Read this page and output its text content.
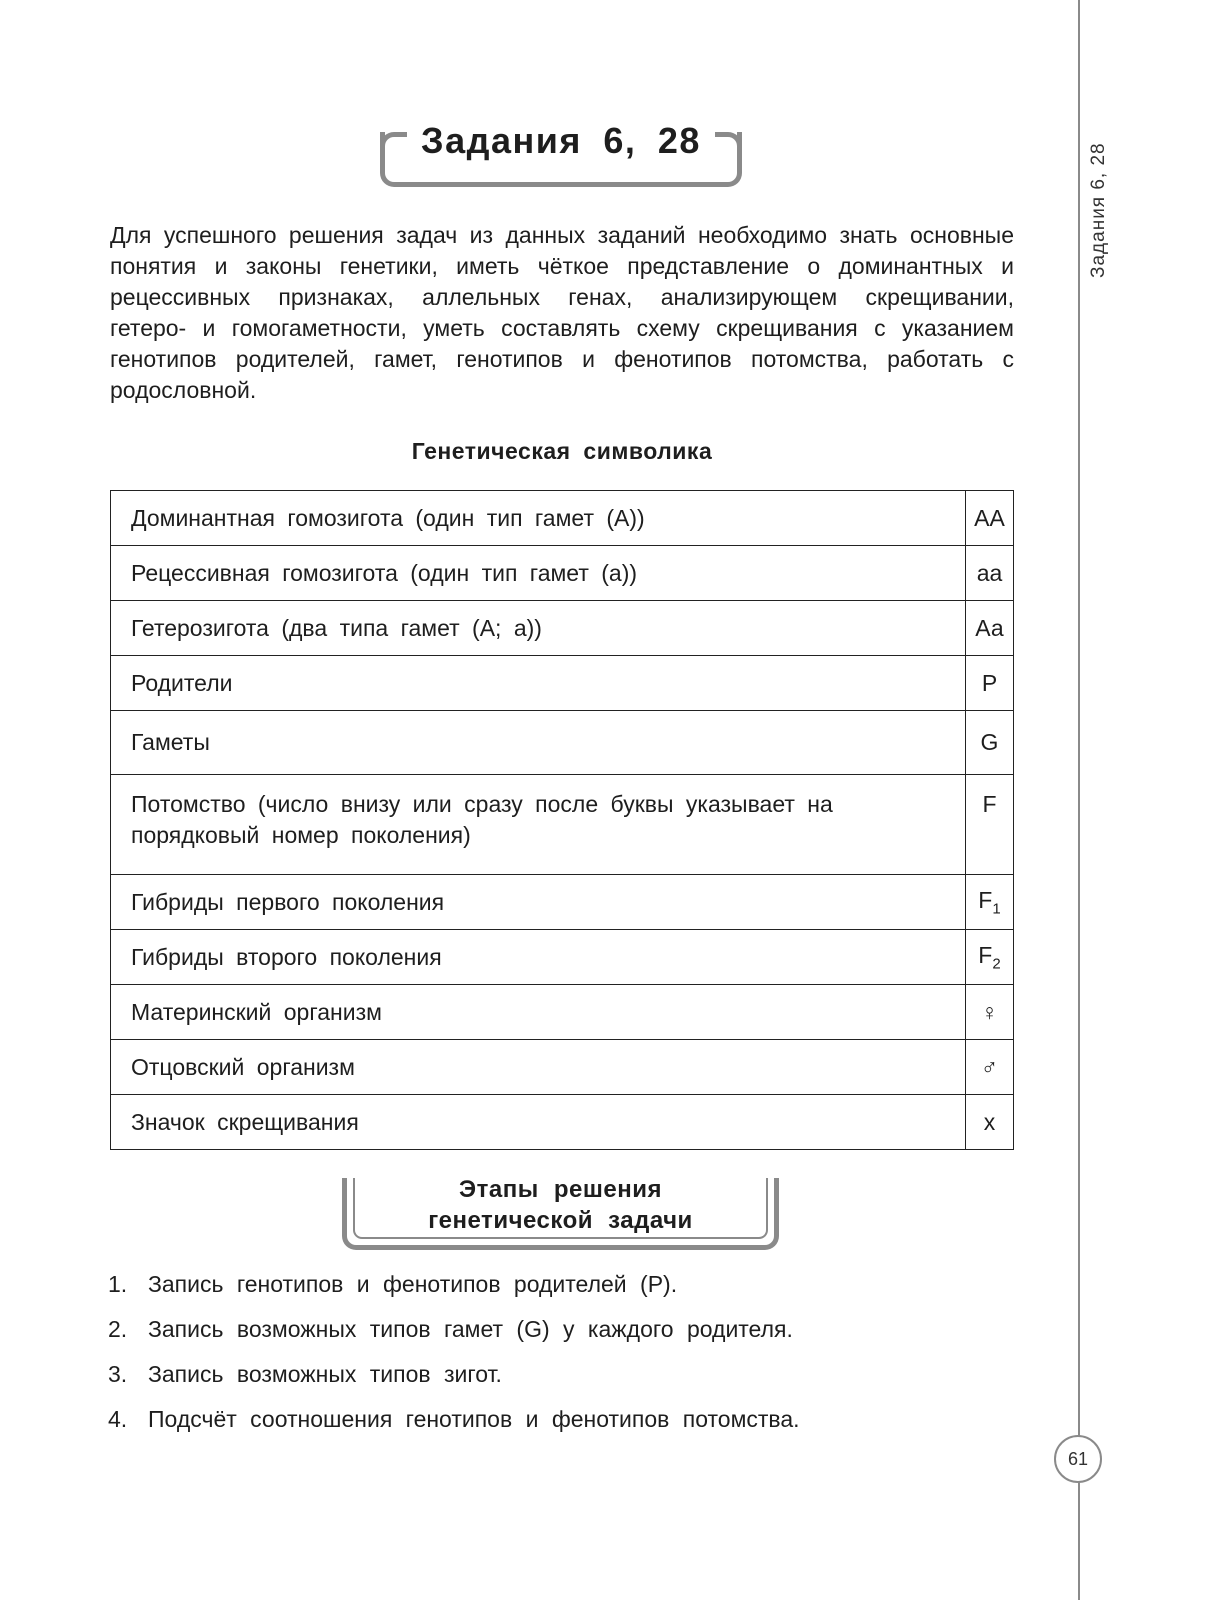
Задания 6, 28
61
Задания 6, 28

Для успешного решения задач из данных заданий необходимо знать основные понятия и законы генетики, иметь чёткое представление о доминантных и рецессивных признаках, аллельных генах, анализирующем скрещивании, гетеро- и гомогаметности, уметь составлять схему скрещивания с указанием генотипов родителей, гамет, генотипов и фенотипов потомства, работать с родословной.

Генетическая символика
Доминантная гомозигота (один тип гамет (А))	АА
Рецессивная гомозигота (один тип гамет (а))	аа
Гетерозигота (два типа гамет (А; а))	Аа
Родители	Р
Гаметы	G
Потомство (число внизу или сразу после буквы указывает на порядковый номер поколения)	F
Гибриды первого поколения	$F_1$
Гибриды второго поколения	$F_2$
Материнский организм	♀
Отцовский организм	♂
Значок скрещивания	х
Этапы решения
генетической задачи
1. Запись генотипов и фенотипов родителей (Р).
2. Запись возможных типов гамет (G) у каждого родителя.
3. Запись возможных типов зигот.
4. Подсчёт соотношения генотипов и фенотипов потомства.
